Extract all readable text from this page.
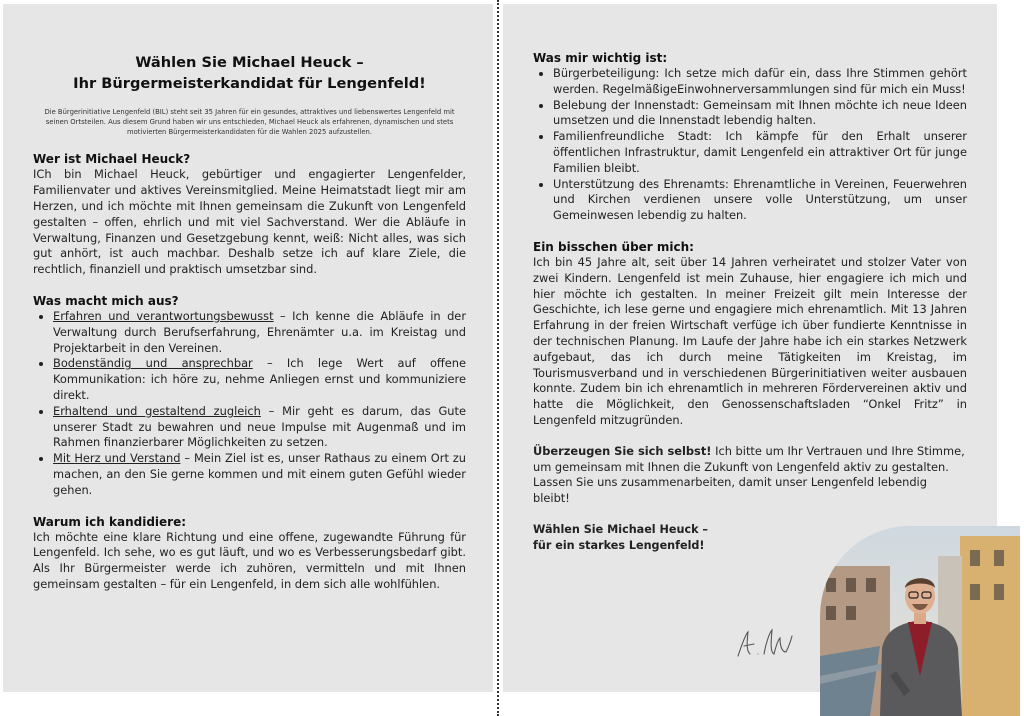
Wählen Sie Michael Heuck –
Ihr Bürgermeisterkandidat für Lengenfeld!
Die Bürgerinitiative Lengenfeld (BIL) steht seit 35 Jahren für ein gesundes, attraktives und liebenswertes Lengenfeld mit seinen Ortsteilen. Aus diesem Grund haben wir uns entschieden, Michael Heuck als erfahrenen, dynamischen und stets motivierten Bürgermeisterkandidaten für die Wahlen 2025 aufzustellen.
Wer ist Michael Heuck?

ICh bin Michael Heuck, gebürtiger und engagierter Lengenfelder, Familienvater und aktives Vereinsmitglied. Meine Heimatstadt liegt mir am Herzen, und ich möchte mit Ihnen gemeinsam die Zukunft von Lengenfeld gestalten – offen, ehrlich und mit viel Sachverstand. Wer die Abläufe in Verwaltung, Finanzen und Gesetzgebung kennt, weiß: Nicht alles, was sich gut anhört, ist auch machbar. Deshalb setze ich auf klare Ziele, die rechtlich, finanziell und praktisch umsetzbar sind.

Was macht mich aus?
• Erfahren und verantwortungsbewusst – Ich kenne die Abläufe in der Verwaltung durch Berufserfahrung, Ehrenämter u.a. im Kreistag und Projektarbeit in den Vereinen.
• Bodenständig und ansprechbar – Ich lege Wert auf offene Kommunikation: ich höre zu, nehme Anliegen ernst und kommuniziere direkt.
• Erhaltend und gestaltend zugleich – Mir geht es darum, das Gute unserer Stadt zu bewahren und neue Impulse mit Augenmaß und im Rahmen finanzierbarer Möglichkeiten zu setzen.
• Mit Herz und Verstand – Mein Ziel ist es, unser Rathaus zu einem Ort zu machen, an den Sie gerne kommen und mit einem guten Gefühl wieder gehen.
Warum ich kandidiere:

Ich möchte eine klare Richtung und eine offene, zugewandte Führung für Lengenfeld. Ich sehe, wo es gut läuft, und wo es Verbesserungsbedarf gibt. Als Ihr Bürgermeister werde ich zuhören, vermitteln und mit Ihnen gemeinsam gestalten – für ein Lengenfeld, in dem sich alle wohlfühlen.

Was mir wichtig ist:
• Bürgerbeteiligung: Ich setze mich dafür ein, dass Ihre Stimmen gehört werden. RegelmäßigeEinwohnerversammlungen sind für mich ein Muss!
• Belebung der Innenstadt: Gemeinsam mit Ihnen möchte ich neue Ideen umsetzen und die Innenstadt lebendig halten.
• Familienfreundliche Stadt: Ich kämpfe für den Erhalt unserer öffentlichen Infrastruktur, damit Lengenfeld ein attraktiver Ort für junge Familien bleibt.
• Unterstützung des Ehrenamts: Ehrenamtliche in Vereinen, Feuerwehren und Kirchen verdienen unsere volle Unterstützung, um unser Gemeinwesen lebendig zu halten.
Ein bisschen über mich:

Ich bin 45 Jahre alt, seit über 14 Jahren verheiratet und stolzer Vater von zwei Kindern. Lengenfeld ist mein Zuhause, hier engagiere ich mich und hier möchte ich gestalten. In meiner Freizeit gilt mein Interesse der Geschichte, ich lese gerne und engagiere mich ehrenamtlich. Mit 13 Jahren Erfahrung in der freien Wirtschaft verfüge ich über fundierte Kenntnisse in der technischen Planung. Im Laufe der Jahre habe ich ein starkes Netzwerk aufgebaut, das ich durch meine Tätigkeiten im Kreistag, im Tourismusverband und in verschiedenen Bürgerinitiativen weiter ausbauen konnte. Zudem bin ich ehrenamtlich in mehreren Fördervereinen aktiv und hatte die Möglichkeit, den Genossenschaftsladen “Onkel Fritz” in Lengenfeld mitzugründen.

Überzeugen Sie sich selbst! Ich bitte um Ihr Vertrauen und Ihre Stimme, um gemeinsam mit Ihnen die Zukunft von Lengenfeld aktiv zu gestalten. Lassen Sie uns zusammenarbeiten, damit unser Lengenfeld lebendig bleibt!

Wählen Sie Michael Heuck –
für ein starkes Lengenfeld!
